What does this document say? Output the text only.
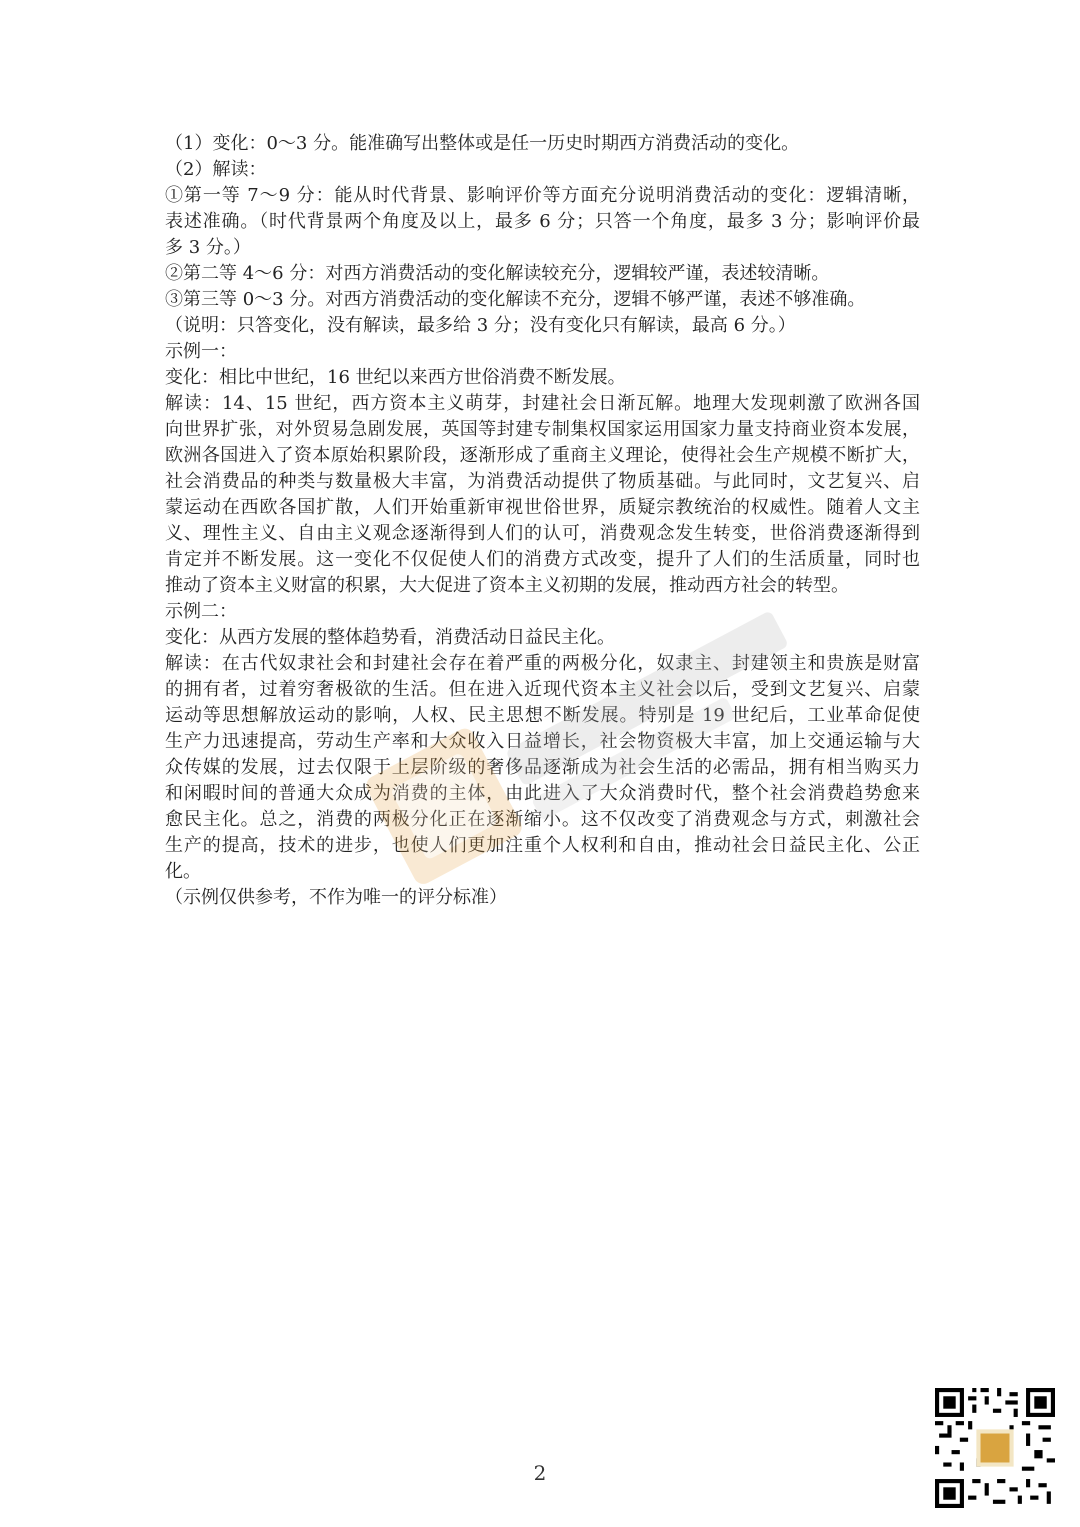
（1）变化：0～3 分。能准确写出整体或是任一历史时期西方消费活动的变化。
（2）解读：
①第一等 7～9 分：能从时代背景、影响评价等方面充分说明消费活动的变化：逻辑清晰，
表述准确。（时代背景两个角度及以上，最多 6 分；只答一个角度，最多 3 分；影响评价最
多 3 分。）
②第二等 4～6 分：对西方消费活动的变化解读较充分，逻辑较严谨，表述较清晰。
③第三等 0～3 分。对西方消费活动的变化解读不充分，逻辑不够严谨，表述不够准确。
（说明：只答变化，没有解读，最多给 3 分；没有变化只有解读，最高 6 分。）
示例一：
变化：相比中世纪，16 世纪以来西方世俗消费不断发展。
解读：14、15 世纪，西方资本主义萌芽，封建社会日渐瓦解。地理大发现刺激了欧洲各国
向世界扩张，对外贸易急剧发展，英国等封建专制集权国家运用国家力量支持商业资本发展，
欧洲各国进入了资本原始积累阶段，逐渐形成了重商主义理论，使得社会生产规模不断扩大，
社会消费品的种类与数量极大丰富，为消费活动提供了物质基础。与此同时，文艺复兴、启
蒙运动在西欧各国扩散，人们开始重新审视世俗世界，质疑宗教统治的权威性。随着人文主
义、理性主义、自由主义观念逐渐得到人们的认可，消费观念发生转变，世俗消费逐渐得到
肯定并不断发展。这一变化不仅促使人们的消费方式改变，提升了人们的生活质量，同时也
推动了资本主义财富的积累，大大促进了资本主义初期的发展，推动西方社会的转型。
示例二：
变化：从西方发展的整体趋势看，消费活动日益民主化。
解读：在古代奴隶社会和封建社会存在着严重的两极分化，奴隶主、封建领主和贵族是财富
的拥有者，过着穷奢极欲的生活。但在进入近现代资本主义社会以后，受到文艺复兴、启蒙
运动等思想解放运动的影响，人权、民主思想不断发展。特别是 19 世纪后，工业革命促使
生产力迅速提高，劳动生产率和大众收入日益增长，社会物资极大丰富，加上交通运输与大
众传媒的发展，过去仅限于上层阶级的奢侈品逐渐成为社会生活的必需品，拥有相当购买力
和闲暇时间的普通大众成为消费的主体，由此进入了大众消费时代，整个社会消费趋势愈来
愈民主化。总之，消费的两极分化正在逐渐缩小。这不仅改变了消费观念与方式，刺激社会
生产的提高，技术的进步，也使人们更加注重个人权利和自由，推动社会日益民主化、公正
化。
（示例仅供参考，不作为唯一的评分标准）
2
